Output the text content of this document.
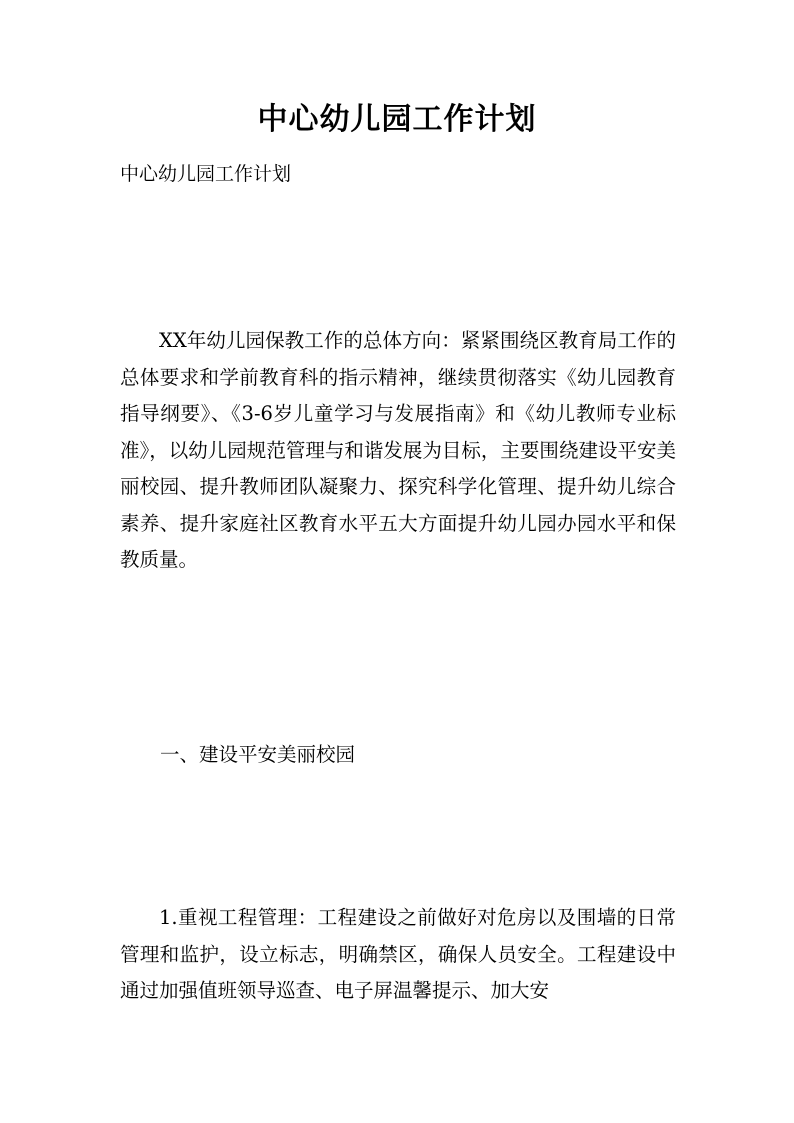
中心幼儿园工作计划

中心幼儿园工作计划

XX年幼儿园保教工作的总体方向：紧紧围绕区教育局工作的总体要求和学前教育科的指示精神，继续贯彻落实《幼儿园教育指导纲要》、《3-6岁儿童学习与发展指南》和《幼儿教师专业标准》，以幼儿园规范管理与和谐发展为目标，主要围绕建设平安美丽校园、提升教师团队凝聚力、探究科学化管理、提升幼儿综合素养、提升家庭社区教育水平五大方面提升幼儿园办园水平和保教质量。

一、建设平安美丽校园

1.重视工程管理：工程建设之前做好对危房以及围墙的日常管理和监护，设立标志，明确禁区，确保人员安全。工程建设中通过加强值班领导巡查、电子屏温馨提示、加大安
